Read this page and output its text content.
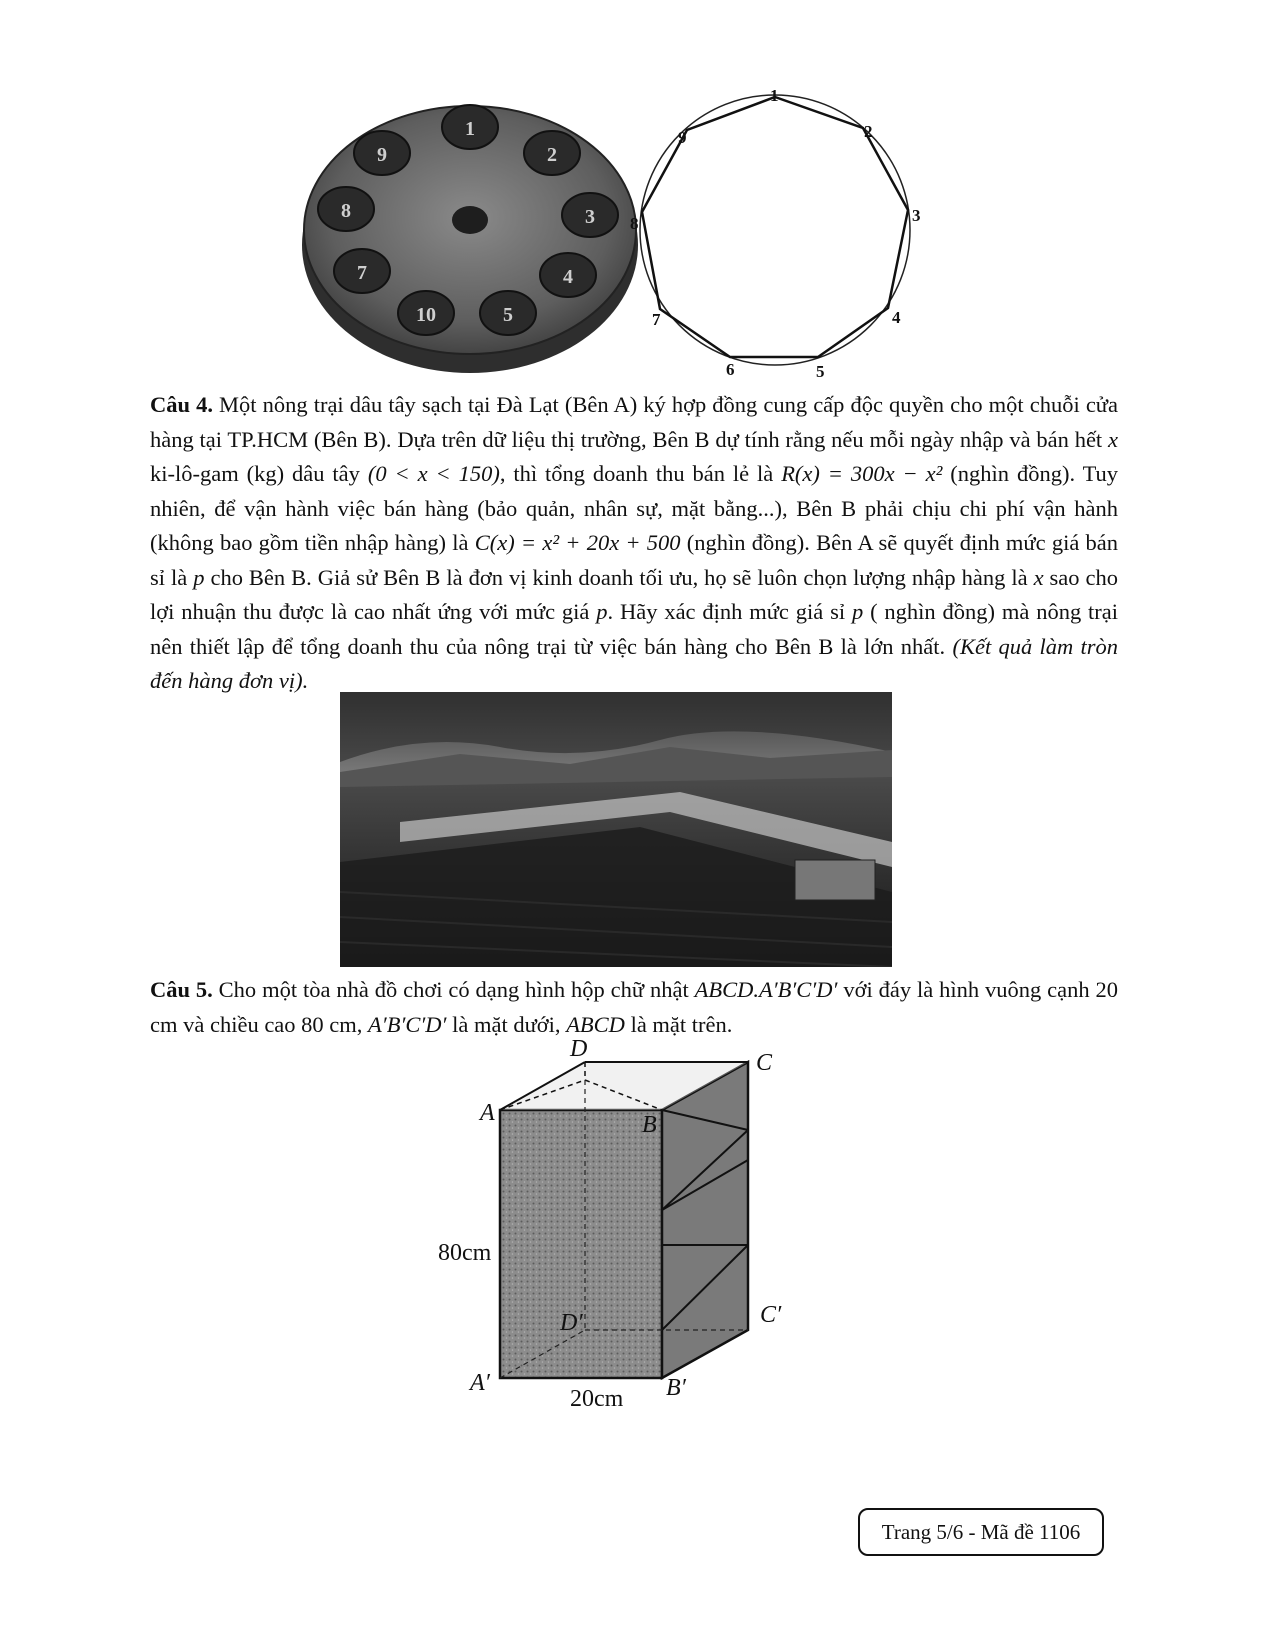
9
1
2
3
4
5
10
7
8
1
2
3
4
5
6
7
8
9

Câu 4. Một nông trại dâu tây sạch tại Đà Lạt (Bên A) ký hợp đồng cung cấp độc quyền cho một chuỗi cửa hàng tại TP.HCM (Bên B). Dựa trên dữ liệu thị trường, Bên B dự tính rằng nếu mỗi ngày nhập và bán hết x ki-lô-gam (kg) dâu tây (0 < x < 150), thì tổng doanh thu bán lẻ là R(x) = 300x − x² (nghìn đồng). Tuy nhiên, để vận hành việc bán hàng (bảo quản, nhân sự, mặt bằng...), Bên B phải chịu chi phí vận hành (không bao gồm tiền nhập hàng) là C(x) = x² + 20x + 500 (nghìn đồng). Bên A sẽ quyết định mức giá bán sỉ là p cho Bên B. Giả sử Bên B là đơn vị kinh doanh tối ưu, họ sẽ luôn chọn lượng nhập hàng là x sao cho lợi nhuận thu được là cao nhất ứng với mức giá p. Hãy xác định mức giá sỉ p ( nghìn đồng) mà nông trại nên thiết lập để tổng doanh thu của nông trại từ việc bán hàng cho Bên B là lớn nhất. (Kết quả làm tròn đến hàng đơn vị).

Câu 5. Cho một tòa nhà đồ chơi có dạng hình hộp chữ nhật ABCD.A′B′C′D′ với đáy là hình vuông cạnh 20 cm và chiều cao 80 cm, A′B′C′D′ là mặt dưới, ABCD là mặt trên.

D
C
A	B
D′	C′
A′	B′
80cm
20cm
Trang 5/6 - Mã đề 1106
